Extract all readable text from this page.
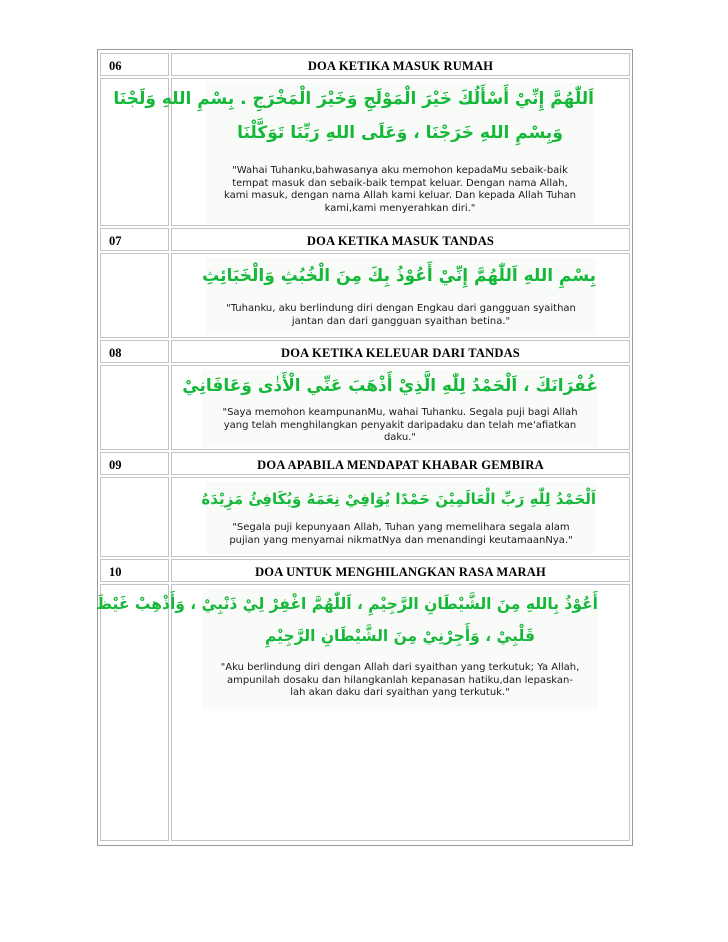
06	DOA KETIKA MASUK RUMAH
اَللّٰهُمَّ إِنِّيْ أَسْأَلُكَ خَيْرَ الْمَوْلَجِ وَخَيْرَ الْمَخْرَجِ . بِسْمِ اللهِ وَلَجْنَا
وَبِسْمِ اللهِ خَرَجْنَا ، وَعَلَى اللهِ رَبِّنَا تَوَكَّلْنَا
"Wahai Tuhanku,bahwasanya aku memohon kepadaMu sebaik-baik
tempat masuk dan sebaik-baik tempat keluar. Dengan nama Allah,
kami masuk, dengan nama Allah kami keluar. Dan kepada Allah Tuhan
kami,kami menyerahkan diri."
07	DOA KETIKA MASUK TANDAS
بِسْمِ اللهِ اَللّٰهُمَّ إِنِّيْ أَعُوْذُ بِكَ مِنَ الْخُبُثِ وَالْخَبَائِثِ
"Tuhanku, aku berlindung diri dengan Engkau dari gangguan syaithan
jantan dan dari gangguan syaithan betina."
08	DOA KETIKA KELEUAR DARI TANDAS
غُفْرَانَكَ ، اَلْحَمْدُ لِلّٰهِ الَّذِيْ أَذْهَبَ عَنِّي الْأَذٰى وَعَافَانِيْ
"Saya memohon keampunanMu, wahai Tuhanku. Segala puji bagi Allah
yang telah menghilangkan penyakit daripadaku dan telah me'afiatkan
daku."
09	DOA APABILA MENDAPAT KHABAR GEMBIRA
اَلْحَمْدُ لِلّٰهِ رَبِّ الْعَالَمِيْنَ حَمْدًا يُوَافِيْ نِعَمَهُ وَيُكَافِئُ مَزِيْدَهُ
"Segala puji kepunyaan Allah, Tuhan yang memelihara segala alam
pujian yang menyamai nikmatNya dan menandingi keutamaanNya."
10	DOA UNTUK MENGHILANGKAN RASA MARAH
أَعُوْذُ بِاللهِ مِنَ الشَّيْطَانِ الرَّجِيْمِ ، اَللّٰهُمَّ اغْفِرْ لِيْ ذَنْبِيْ ، وَأَذْهِبْ غَيْظَ
قَلْبِيْ ، وَأَجِرْنِيْ مِنَ الشَّيْطَانِ الرَّجِيْمِ
"Aku berlindung diri dengan Allah dari syaithan yang terkutuk; Ya Allah,
ampunilah dosaku dan hilangkanlah kepanasan hatiku,dan lepaskan-
lah akan daku dari syaithan yang terkutuk."
